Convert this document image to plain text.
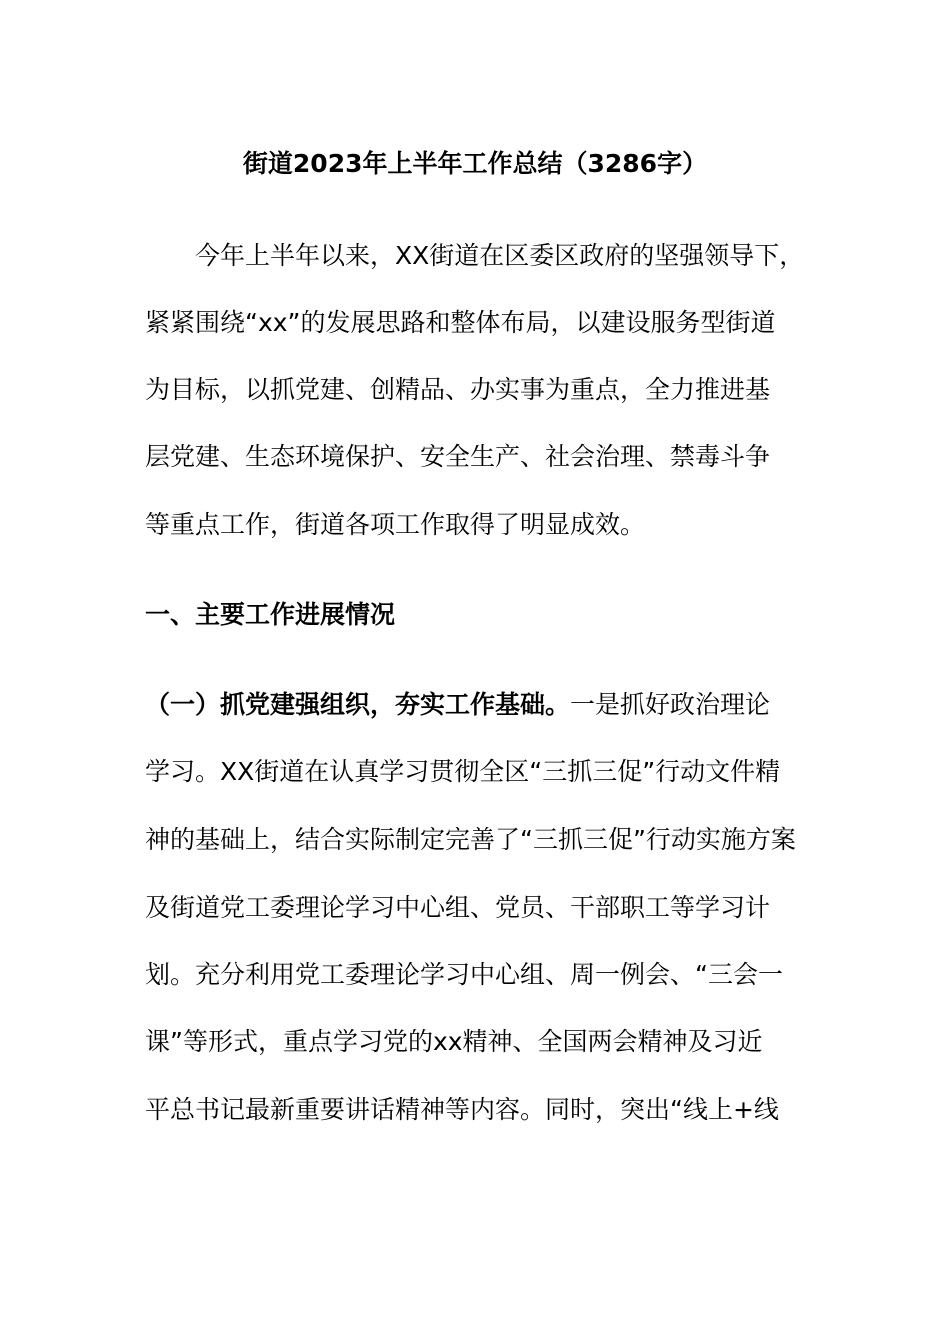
街道2023年上半年工作总结（3286字）
今年上半年以来，XX街道在区委区政府的坚强领导下，
紧紧围绕“xx”的发展思路和整体布局，以建设服务型街道
为目标，以抓党建、创精品、办实事为重点，全力推进基
层党建、生态环境保护、安全生产、社会治理、禁毒斗争
等重点工作，街道各项工作取得了明显成效。
一、主要工作进展情况
（一）抓党建强组织，夯实工作基础。一是抓好政治理论
学习。XX街道在认真学习贯彻全区“三抓三促”行动文件精
神的基础上，结合实际制定完善了“三抓三促”行动实施方案
及街道党工委理论学习中心组、党员、干部职工等学习计
划。充分利用党工委理论学习中心组、周一例会、“三会一
课”等形式，重点学习党的xx精神、全国两会精神及习近
平总书记最新重要讲话精神等内容。同时，突出“线上+线
